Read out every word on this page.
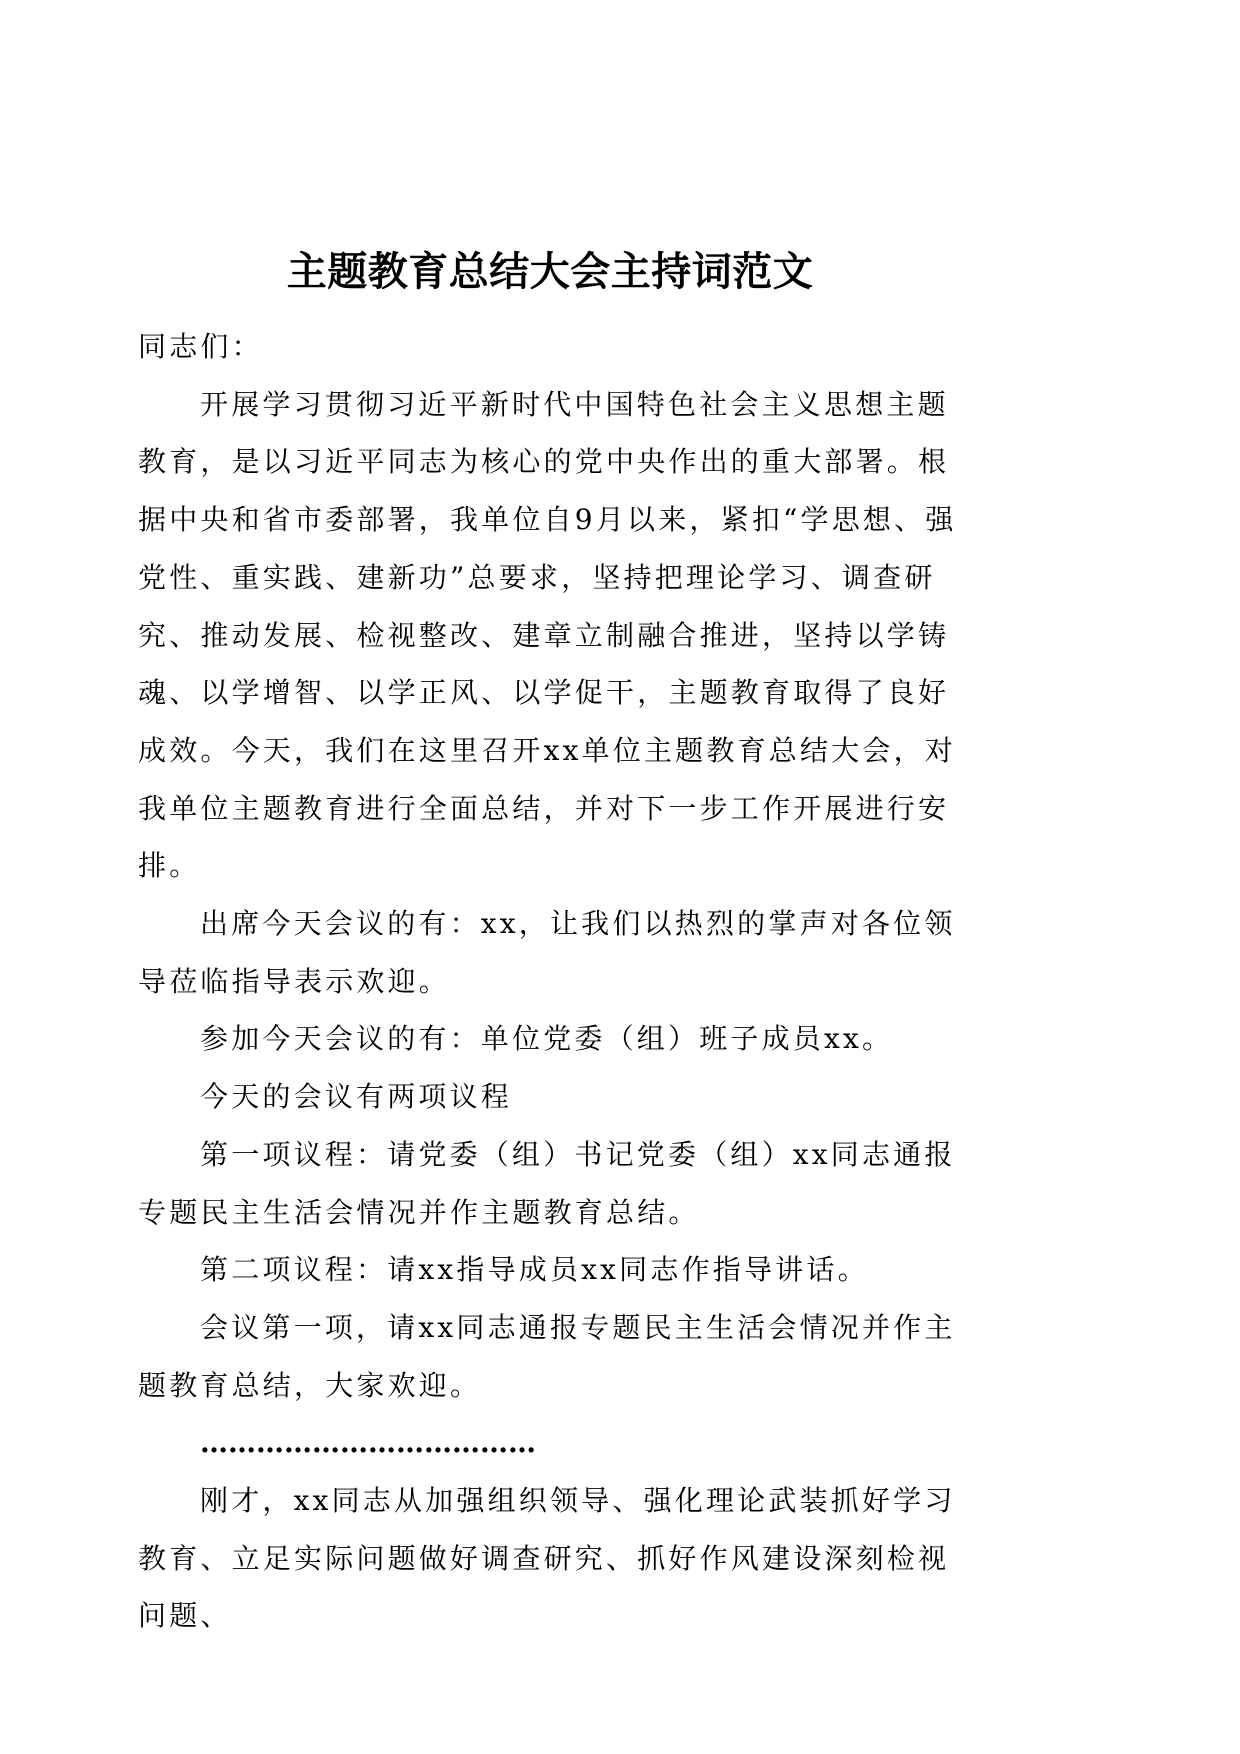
主题教育总结大会主持词范文

同志们：

开展学习贯彻习近平新时代中国特色社会主义思想主题教育，是以习近平同志为核心的党中央作出的重大部署。根据中央和省市委部署，我单位自9月以来，紧扣“学思想、强党性、重实践、建新功”总要求，坚持把理论学习、调查研究、推动发展、检视整改、建章立制融合推进，坚持以学铸魂、以学增智、以学正风、以学促干，主题教育取得了良好成效。今天，我们在这里召开xx单位主题教育总结大会，对我单位主题教育进行全面总结，并对下一步工作开展进行安排。

出席今天会议的有：xx，让我们以热烈的掌声对各位领导莅临指导表示欢迎。

参加今天会议的有：单位党委（组）班子成员xx。

今天的会议有两项议程

第一项议程：请党委（组）书记党委（组）xx同志通报专题民主生活会情况并作主题教育总结。

第二项议程：请xx指导成员xx同志作指导讲话。

会议第一项，请xx同志通报专题民主生活会情况并作主题教育总结，大家欢迎。

………………………………

刚才，xx同志从加强组织领导、强化理论武装抓好学习教育、立足实际问题做好调查研究、抓好作风建设深刻检视问题、
